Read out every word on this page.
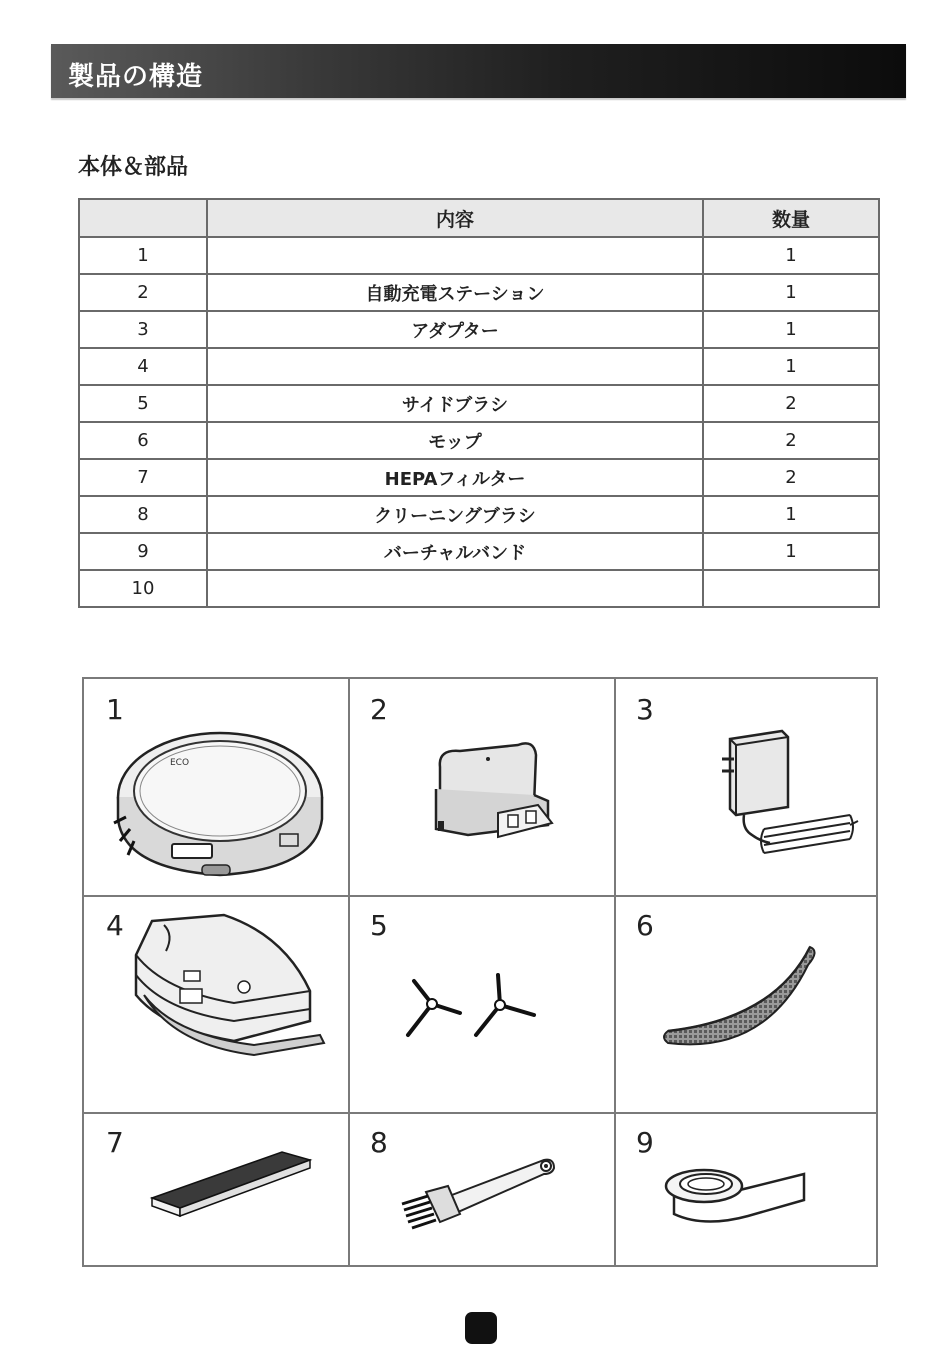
製品の構造
本体＆部品
	内容	数量
1		1
2	自動充電ステーション	1
3	アダプター	1
4		1
5	サイドブラシ	2
6	モップ	2
7	HEPAフィルター	2
8	クリーニングブラシ	1
9	バーチャルバンド	1
10		
1
ECO
2	3
4	5	6
7	8	9
